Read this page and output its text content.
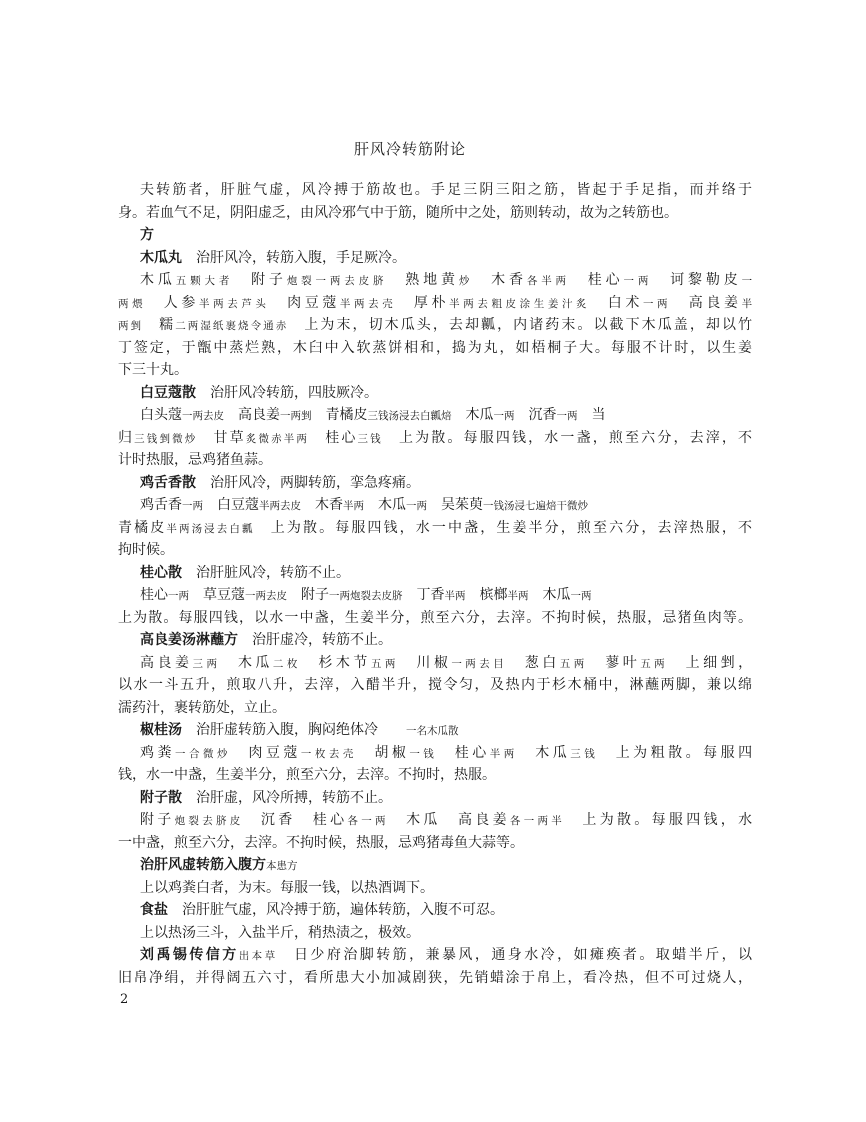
肝风冷转筋附论
夫转筋者，肝脏气虚，风冷搏于筋故也。手足三阴三阳之筋，皆起于手足指，而并络于
身。若血气不足，阴阳虚乏，由风冷邪气中于筋，随所中之处，筋则转动，故为之转筋也。
方
木瓜丸　治肝风冷，转筋入腹，手足厥冷。
木瓜五颗大者　附子炮裂一两去皮脐　熟地黄炒　木香各半两　桂心一两　诃黎勒皮一
两煨　人参半两去芦头　肉豆蔻半两去壳　厚朴半两去粗皮涂生姜汁炙　白术一两　高良姜半
两剉　糯二两湿纸裹烧令通赤　上为末，切木瓜头，去却瓤，内诸药末。以截下木瓜盖，却以竹
丁签定，于甑中蒸烂熟，木臼中入软蒸饼相和，捣为丸，如梧桐子大。每服不计时，以生姜
下三十丸。
白豆蔻散　治肝风冷转筋，四肢厥冷。
白头蔻一两去皮　高良姜一两剉　青橘皮三钱汤浸去白瓤焙　木瓜一两　沉香一两　当
归三钱剉微炒　甘草炙微赤半两　桂心三钱　上为散。每服四钱，水一盏，煎至六分，去滓，不
计时热服，忌鸡猪鱼蒜。
鸡舌香散　治肝风冷，两脚转筋，挛急疼痛。
鸡舌香一两　白豆蔻半两去皮　木香半两　木瓜一两　吴茱萸一钱汤浸七遍焙干微炒
青橘皮半两汤浸去白瓤　上为散。每服四钱，水一中盏，生姜半分，煎至六分，去滓热服，不
拘时候。
桂心散　治肝脏风冷，转筋不止。
桂心一两　草豆蔻一两去皮　附子一两炮裂去皮脐　丁香半两　槟榔半两　木瓜一两
上为散。每服四钱，以水一中盏，生姜半分，煎至六分，去滓。不拘时候，热服，忌猪鱼肉等。
高良姜汤淋蘸方　治肝虚冷，转筋不止。
高良姜三两　木瓜二枚　杉木节五两　川椒一两去目　葱白五两　蓼叶五两　上细剉，
以水一斗五升，煎取八升，去滓，入醋半升，搅令匀，及热内于杉木桶中，淋蘸两脚，兼以绵
濡药汁，裹转筋处，立止。
椒桂汤　治肝虚转筋入腹，胸闷绝体冷　　一名木瓜散
鸡粪一合微炒　肉豆蔻一枚去壳　胡椒一钱　桂心半两　木瓜三钱　上为粗散。每服四
钱，水一中盏，生姜半分，煎至六分，去滓。不拘时，热服。
附子散　治肝虚，风冷所搏，转筋不止。
附子炮裂去脐皮　沉香　桂心各一两　木瓜　高良姜各一两半　上为散。每服四钱，水
一中盏，煎至六分，去滓。不拘时候，热服，忌鸡猪毒鱼大蒜等。
治肝风虚转筋入腹方本患方
上以鸡粪白者，为末。每服一钱，以热酒调下。
食盐　治肝脏气虚，风冷搏于筋，遍体转筋，入腹不可忍。
上以热汤三斗，入盐半斤，稍热渍之，极效。
刘禹锡传信方出本草　日少府治脚转筋，兼暴风，通身水冷，如瘫痪者。取蜡半斤，以
旧帛净绢，并得阔五六寸，看所患大小加减剧狭，先销蜡涂于帛上，看冷热，但不可过烧人，
2
